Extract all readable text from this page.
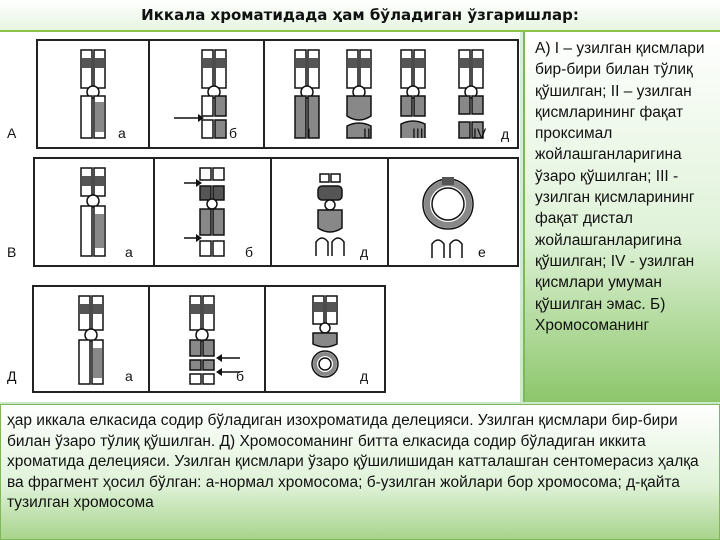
Иккала хроматидада ҳам бўладиган ўзгаришлар:
А	а	б	I	II	III	IV д
В	а	б	д	е
Д	а	б	д

А) I – узилган қисмлари бир-бири билан тўлиқ қўшилган; II – узилган қисмларининг фақат проксимал жойлашганларигина ўзаро қўшилган; III - узилган қисмларининг фақат дистал жойлашганларигина қўшилган; IV - узилган қисмлари умуман қўшилган эмас. Б) Хромосоманинг

ҳар иккала елкасида содир бўладиган изохроматида делецияси. Узилган қисмлари бир-бири билан ўзаро тўлиқ қўшилган. Д) Хромосоманинг битта елкасида содир бўладиган иккита хроматида делецияси. Узилган қисмлари ўзаро қўшилишидан катталашган сентомерасиз ҳалқа ва фрагмент ҳосил бўлган: а-нормал хромосома; б-узилган жойлари бор хромосома; д-қайта тузилган хромосома
